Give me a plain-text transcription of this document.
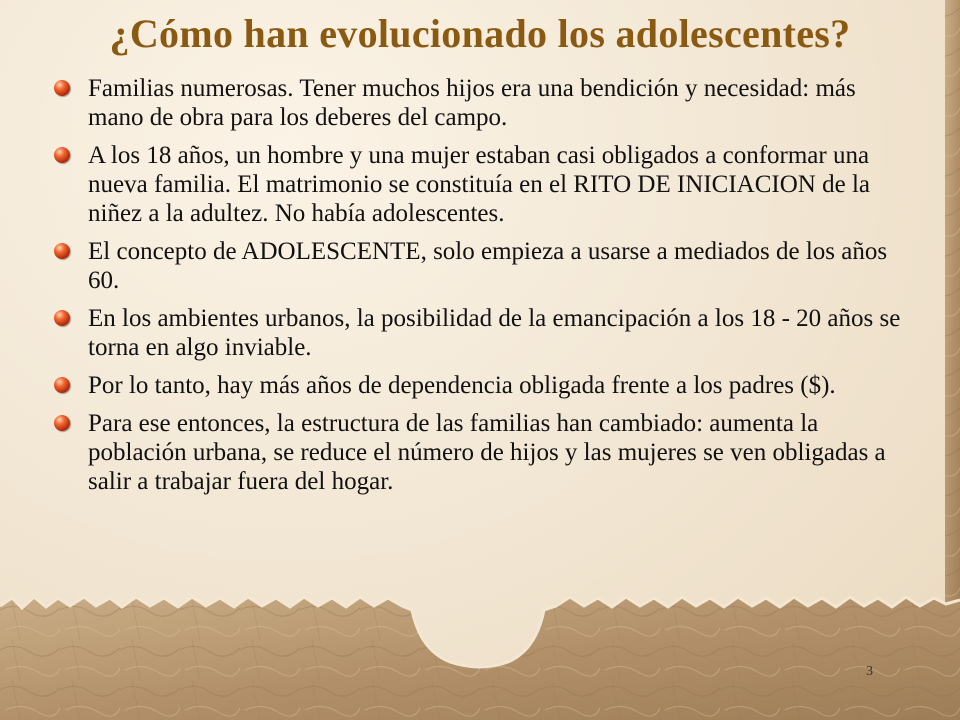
¿Cómo han evolucionado los adolescentes?
Familias numerosas. Tener muchos hijos era una bendición y necesidad: más mano de obra para los deberes del campo.
A los 18 años, un hombre y una mujer estaban casi obligados a conformar una nueva familia. El matrimonio se constituía en el RITO DE INICIACION de la niñez a la adultez. No había adolescentes.
El concepto de ADOLESCENTE, solo empieza a usarse a mediados de los años 60.
En los ambientes urbanos, la posibilidad de la emancipación a los 18 - 20 años se torna en algo inviable.
Por lo tanto, hay más años de dependencia obligada frente a los padres ($).
Para ese entonces, la estructura de las familias han cambiado: aumenta la población urbana, se reduce el número de hijos y las mujeres se ven obligadas a salir a trabajar fuera del hogar.
3
